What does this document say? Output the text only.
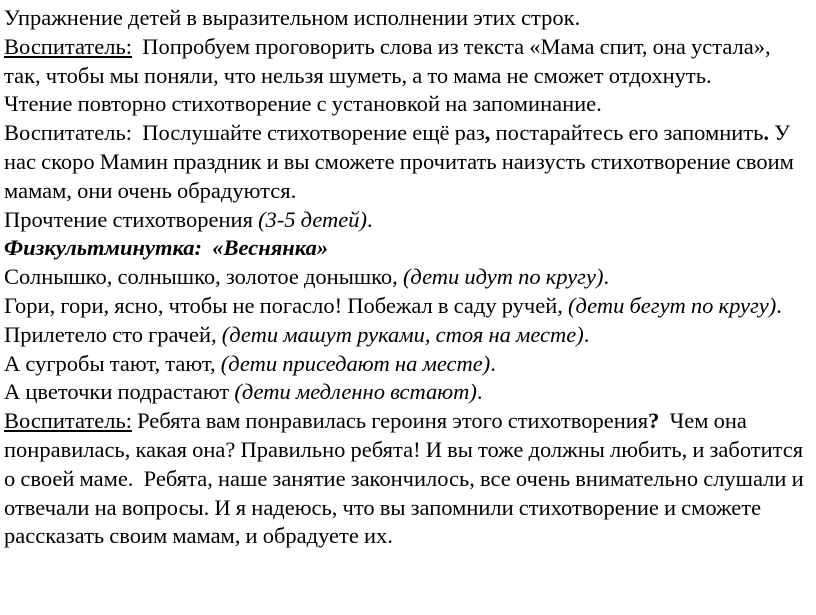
Упражнение детей в выразительном исполнении этих строк.

Воспитатель:  Попробуем проговорить слова из текста «Мама спит, она устала», так, чтобы мы поняли, что нельзя шуметь, а то мама не сможет отдохнуть.

Чтение повторно стихотворение с установкой на запоминание.

Воспитатель:  Послушайте стихотворение ещё раз, постарайтесь его запомнить. У нас скоро Мамин праздник и вы сможете прочитать наизусть стихотворение своим мамам, они очень обрадуются.

Прочтение стихотворения (3-5 детей).

Физкультминутка:  «Веснянка»

Солнышко, солнышко, золотое донышко, (дети идут по кругу).

Гори, гори, ясно, чтобы не погасло! Побежал в саду ручей, (дети бегут по кругу).

Прилетело сто грачей, (дети машут руками, стоя на месте).

А сугробы тают, тают, (дети приседают на месте).

А цветочки подрастают (дети медленно встают).

Воспитатель: Ребята вам понравилась героиня этого стихотворения?  Чем она понравилась, какая она? Правильно ребята! И вы тоже должны любить, и заботится о своей маме.  Ребята, наше занятие закончилось, все очень внимательно слушали и отвечали на вопросы. И я надеюсь, что вы запомнили стихотворение и сможете рассказать своим мамам, и обрадуете их.
